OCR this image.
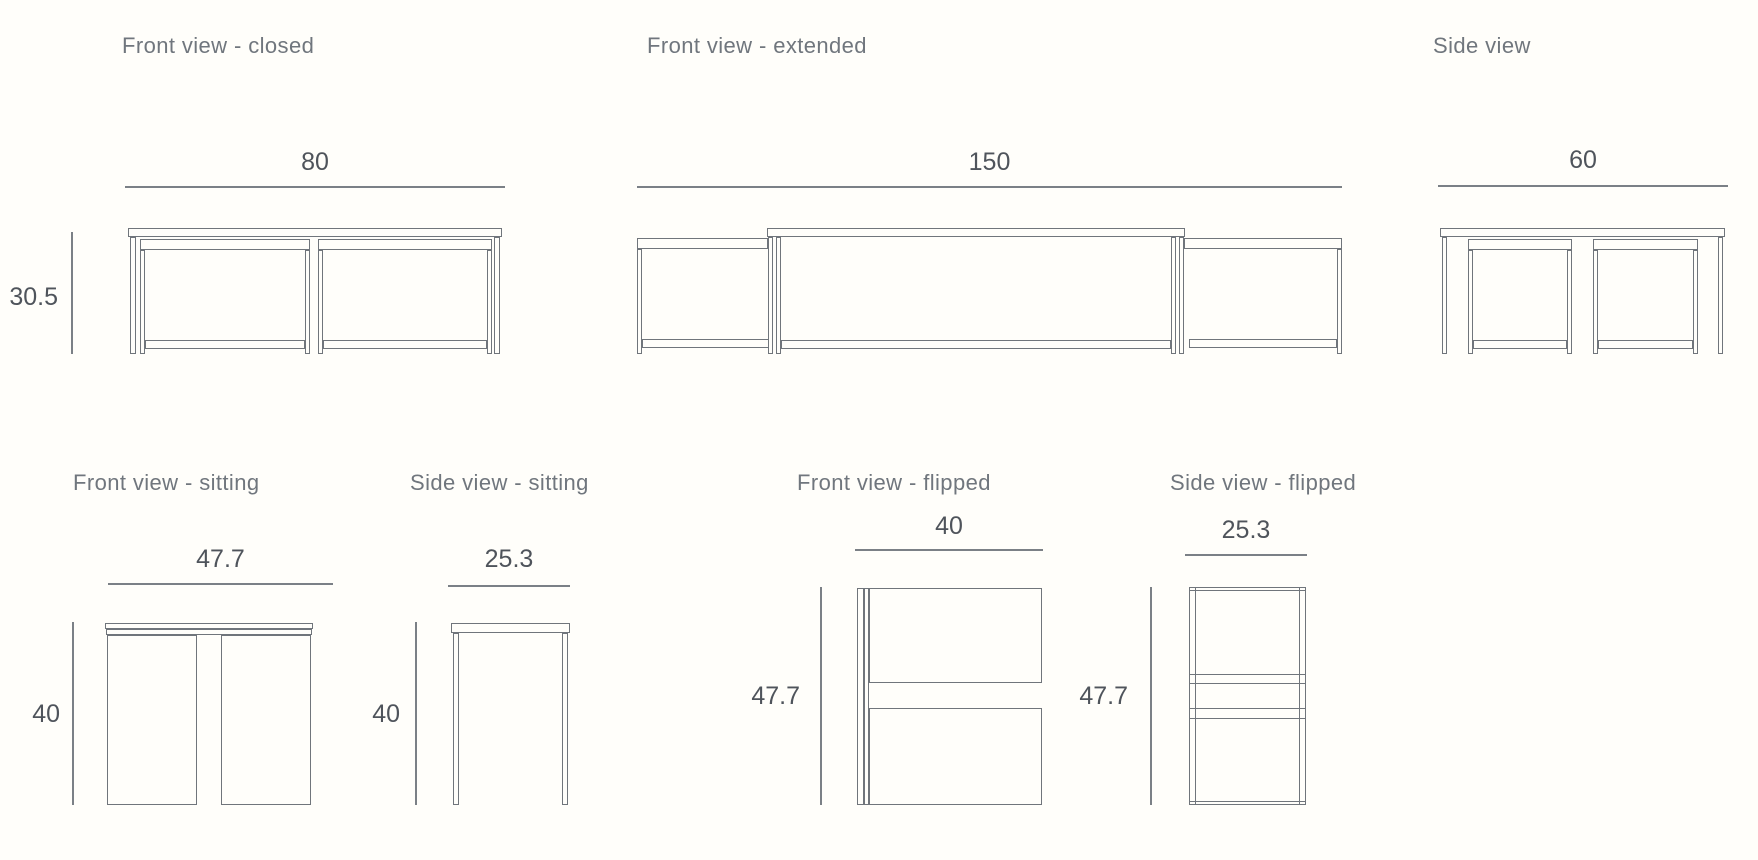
Front view - closed
80
30.5
Front view - extended
150
Side view
60
Front view - sitting
47.7
40
Side view - sitting
25.3
40
Front view - flipped
40
47.7
Side view - flipped
25.3
47.7
